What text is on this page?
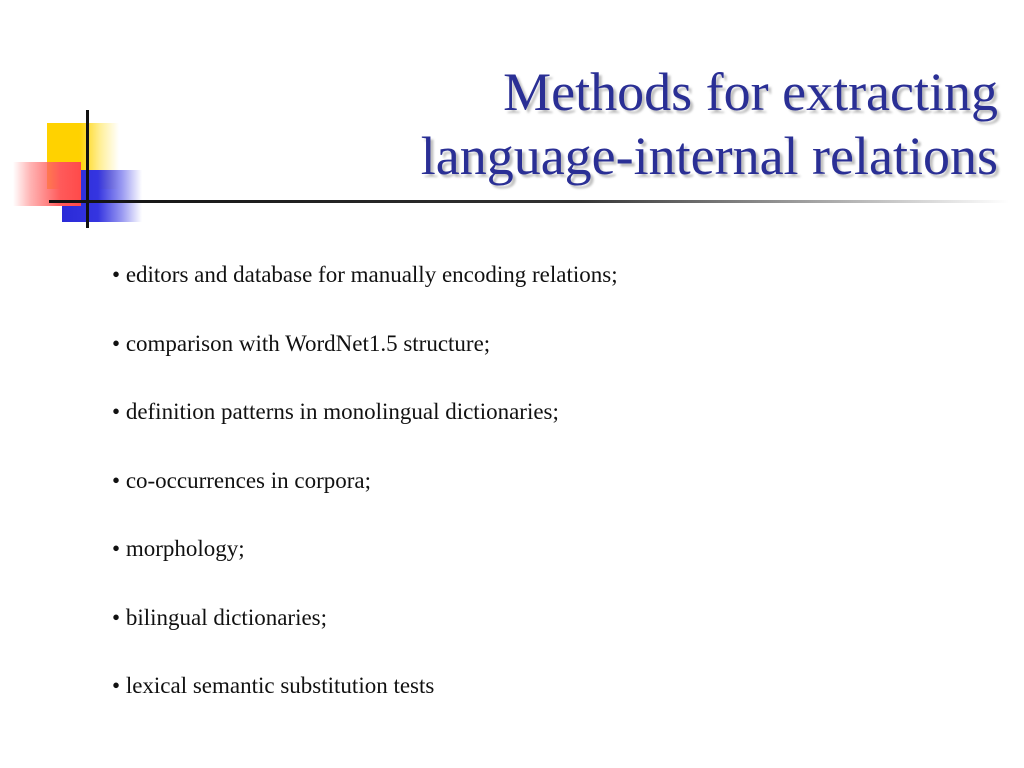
Methods for extracting
language-internal relations
• editors and database for manually encoding relations;
• comparison with WordNet1.5 structure;
• definition patterns in monolingual dictionaries;
• co-occurrences in corpora;
• morphology;
• bilingual dictionaries;
• lexical semantic substitution tests
